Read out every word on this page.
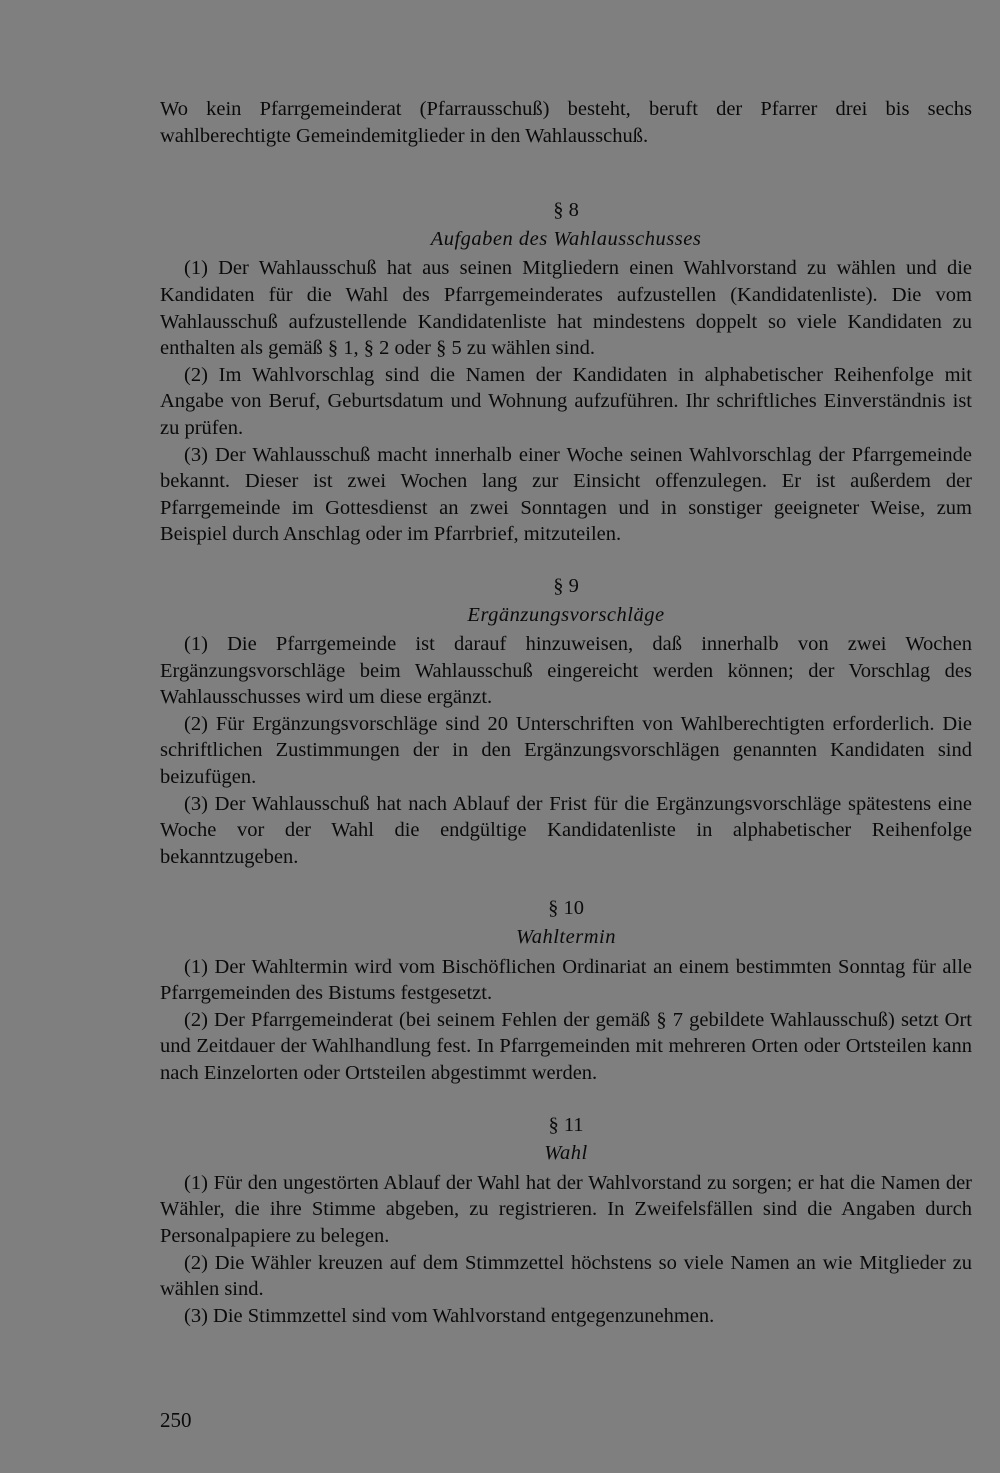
Wo kein Pfarrgemeinderat (Pfarrausschuß) besteht, beruft der Pfarrer drei bis sechs wahlberechtigte Gemeindemitglieder in den Wahlausschuß.

§ 8

Aufgaben des Wahlausschusses

(1) Der Wahlausschuß hat aus seinen Mitgliedern einen Wahlvorstand zu wählen und die Kandidaten für die Wahl des Pfarrgemeinderates aufzustellen (Kandidatenliste). Die vom Wahlausschuß aufzustellende Kandidatenliste hat mindestens doppelt so viele Kandidaten zu enthalten als gemäß § 1, § 2 oder § 5 zu wählen sind.

(2) Im Wahlvorschlag sind die Namen der Kandidaten in alphabetischer Reihenfolge mit Angabe von Beruf, Geburtsdatum und Wohnung aufzuführen. Ihr schriftliches Einverständnis ist zu prüfen.

(3) Der Wahlausschuß macht innerhalb einer Woche seinen Wahlvorschlag der Pfarrgemeinde bekannt. Dieser ist zwei Wochen lang zur Einsicht offenzulegen. Er ist außerdem der Pfarrgemeinde im Gottesdienst an zwei Sonntagen und in sonstiger geeigneter Weise, zum Beispiel durch Anschlag oder im Pfarrbrief, mitzuteilen.

§ 9

Ergänzungsvorschläge

(1) Die Pfarrgemeinde ist darauf hinzuweisen, daß innerhalb von zwei Wochen Ergänzungsvorschläge beim Wahlausschuß eingereicht werden können; der Vorschlag des Wahlausschusses wird um diese ergänzt.

(2) Für Ergänzungsvorschläge sind 20 Unterschriften von Wahlberechtigten erforderlich. Die schriftlichen Zustimmungen der in den Ergänzungsvorschlägen genannten Kandidaten sind beizufügen.

(3) Der Wahlausschuß hat nach Ablauf der Frist für die Ergänzungsvorschläge spätestens eine Woche vor der Wahl die endgültige Kandidatenliste in alphabetischer Reihenfolge bekanntzugeben.

§ 10

Wahltermin

(1) Der Wahltermin wird vom Bischöflichen Ordinariat an einem bestimmten Sonntag für alle Pfarrgemeinden des Bistums festgesetzt.

(2) Der Pfarrgemeinderat (bei seinem Fehlen der gemäß § 7 gebildete Wahlausschuß) setzt Ort und Zeitdauer der Wahlhandlung fest. In Pfarrgemeinden mit mehreren Orten oder Ortsteilen kann nach Einzelorten oder Ortsteilen abgestimmt werden.

§ 11

Wahl

(1) Für den ungestörten Ablauf der Wahl hat der Wahlvorstand zu sorgen; er hat die Namen der Wähler, die ihre Stimme abgeben, zu registrieren. In Zweifelsfällen sind die Angaben durch Personalpapiere zu belegen.

(2) Die Wähler kreuzen auf dem Stimmzettel höchstens so viele Namen an wie Mitglieder zu wählen sind.

(3) Die Stimmzettel sind vom Wahlvorstand entgegenzunehmen.

250
